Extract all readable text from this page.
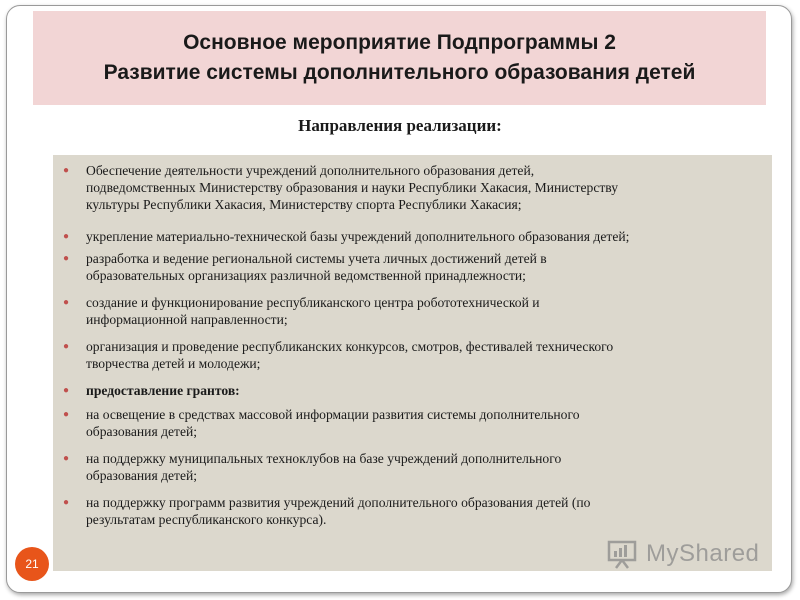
Основное мероприятие Подпрограммы 2
Развитие системы дополнительного образования детей
Направления реализации:
● Обеспечение деятельности учреждений дополнительного образования детей,
подведомственных Министерству образования и науки Республики Хакасия, Министерству
культуры Республики Хакасия, Министерству спорта Республики Хакасия;
● укрепление материально-технической базы учреждений дополнительного образования детей;
● разработка и ведение региональной системы учета личных достижений детей в
образовательных организациях различной ведомственной принадлежности;
● создание и функционирование республиканского центра робототехнической и
информационной направленности;
● организация и проведение республиканских конкурсов, смотров, фестивалей технического
творчества детей и молодежи;
● предоставление грантов:
● на освещение в средствах массовой информации развития системы дополнительного
образования детей;
● на поддержку муниципальных техноклубов на базе учреждений дополнительного
образования детей;
● на поддержку программ развития учреждений дополнительного образования детей (по
результатам республиканского конкурса).
21	MyShared
